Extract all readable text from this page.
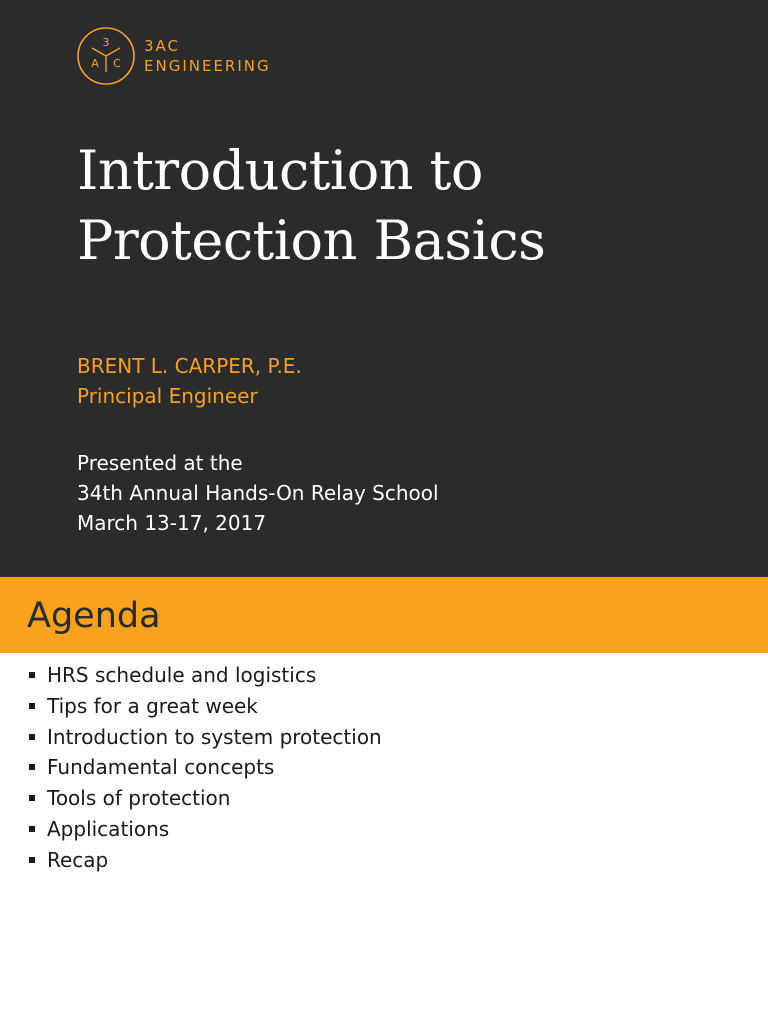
3
A C
3AC
ENGINEERING
Introduction to
Protection Basics
BRENT L. CARPER, P.E.
Principal Engineer
Presented at the
34th Annual Hands-On Relay School
March 13-17, 2017
Agenda
HRS schedule and logistics
Tips for a great week
Introduction to system protection
Fundamental concepts
Tools of protection
Applications
Recap
